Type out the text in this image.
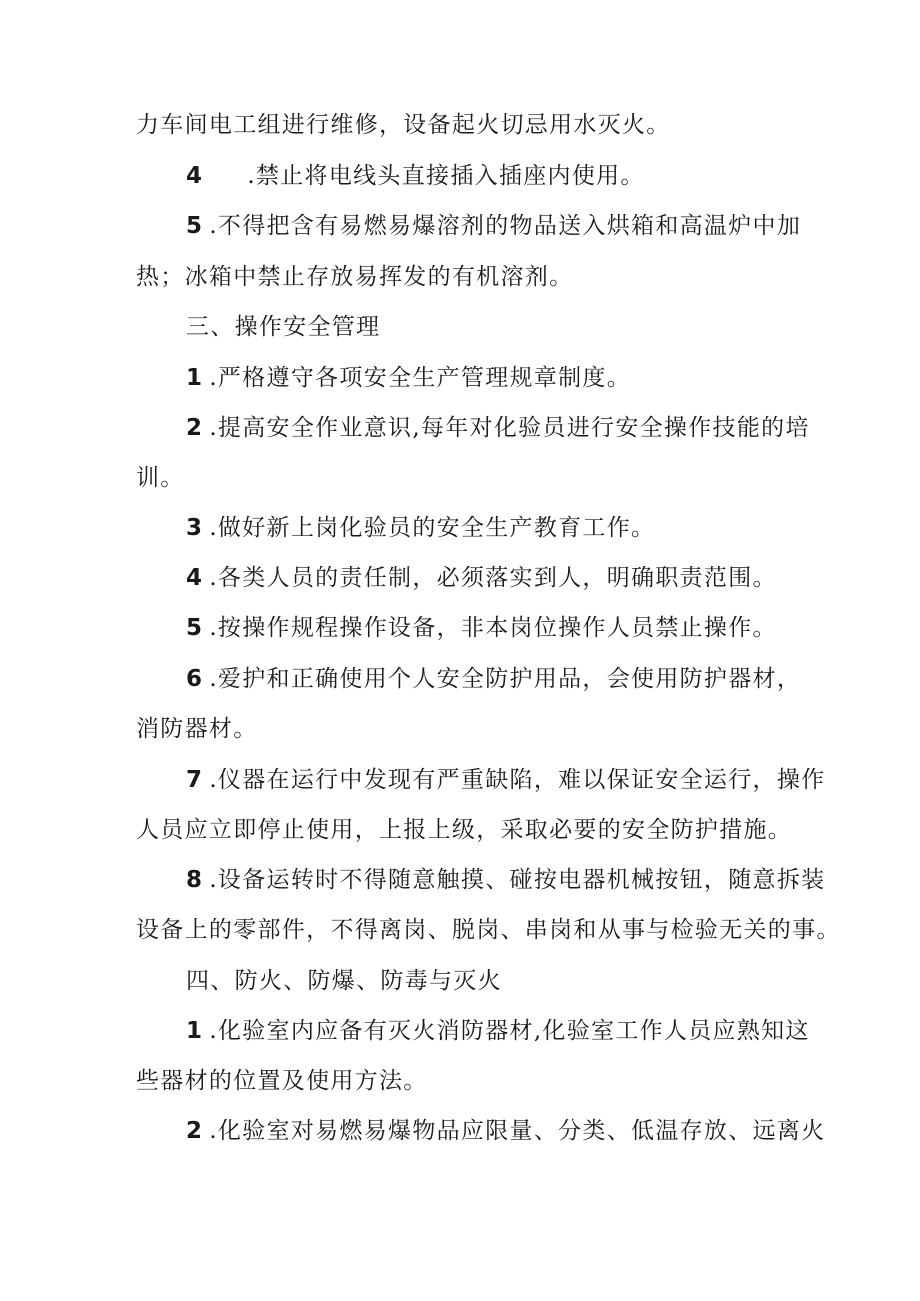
力车间电工组进行维修，设备起火切忌用水灭火。
4 .禁止将电线头直接插入插座内使用。
5 .不得把含有易燃易爆溶剂的物品送入烘箱和高温炉中加
热；冰箱中禁止存放易挥发的有机溶剂。
三、操作安全管理
1 .严格遵守各项安全生产管理规章制度。
2 .提高安全作业意识,每年对化验员进行安全操作技能的培
训。
3 .做好新上岗化验员的安全生产教育工作。
4 .各类人员的责任制，必须落实到人，明确职责范围。
5 .按操作规程操作设备，非本岗位操作人员禁止操作。
6 .爱护和正确使用个人安全防护用品，会使用防护器材，
消防器材。
7 .仪器在运行中发现有严重缺陷，难以保证安全运行，操作
人员应立即停止使用，上报上级，采取必要的安全防护措施。
8 .设备运转时不得随意触摸、碰按电器机械按钮，随意拆装
设备上的零部件，不得离岗、脱岗、串岗和从事与检验无关的事。
四、防火、防爆、防毒与灭火
1 .化验室内应备有灭火消防器材,化验室工作人员应熟知这
些器材的位置及使用方法。
2 .化验室对易燃易爆物品应限量、分类、低温存放、远离火
